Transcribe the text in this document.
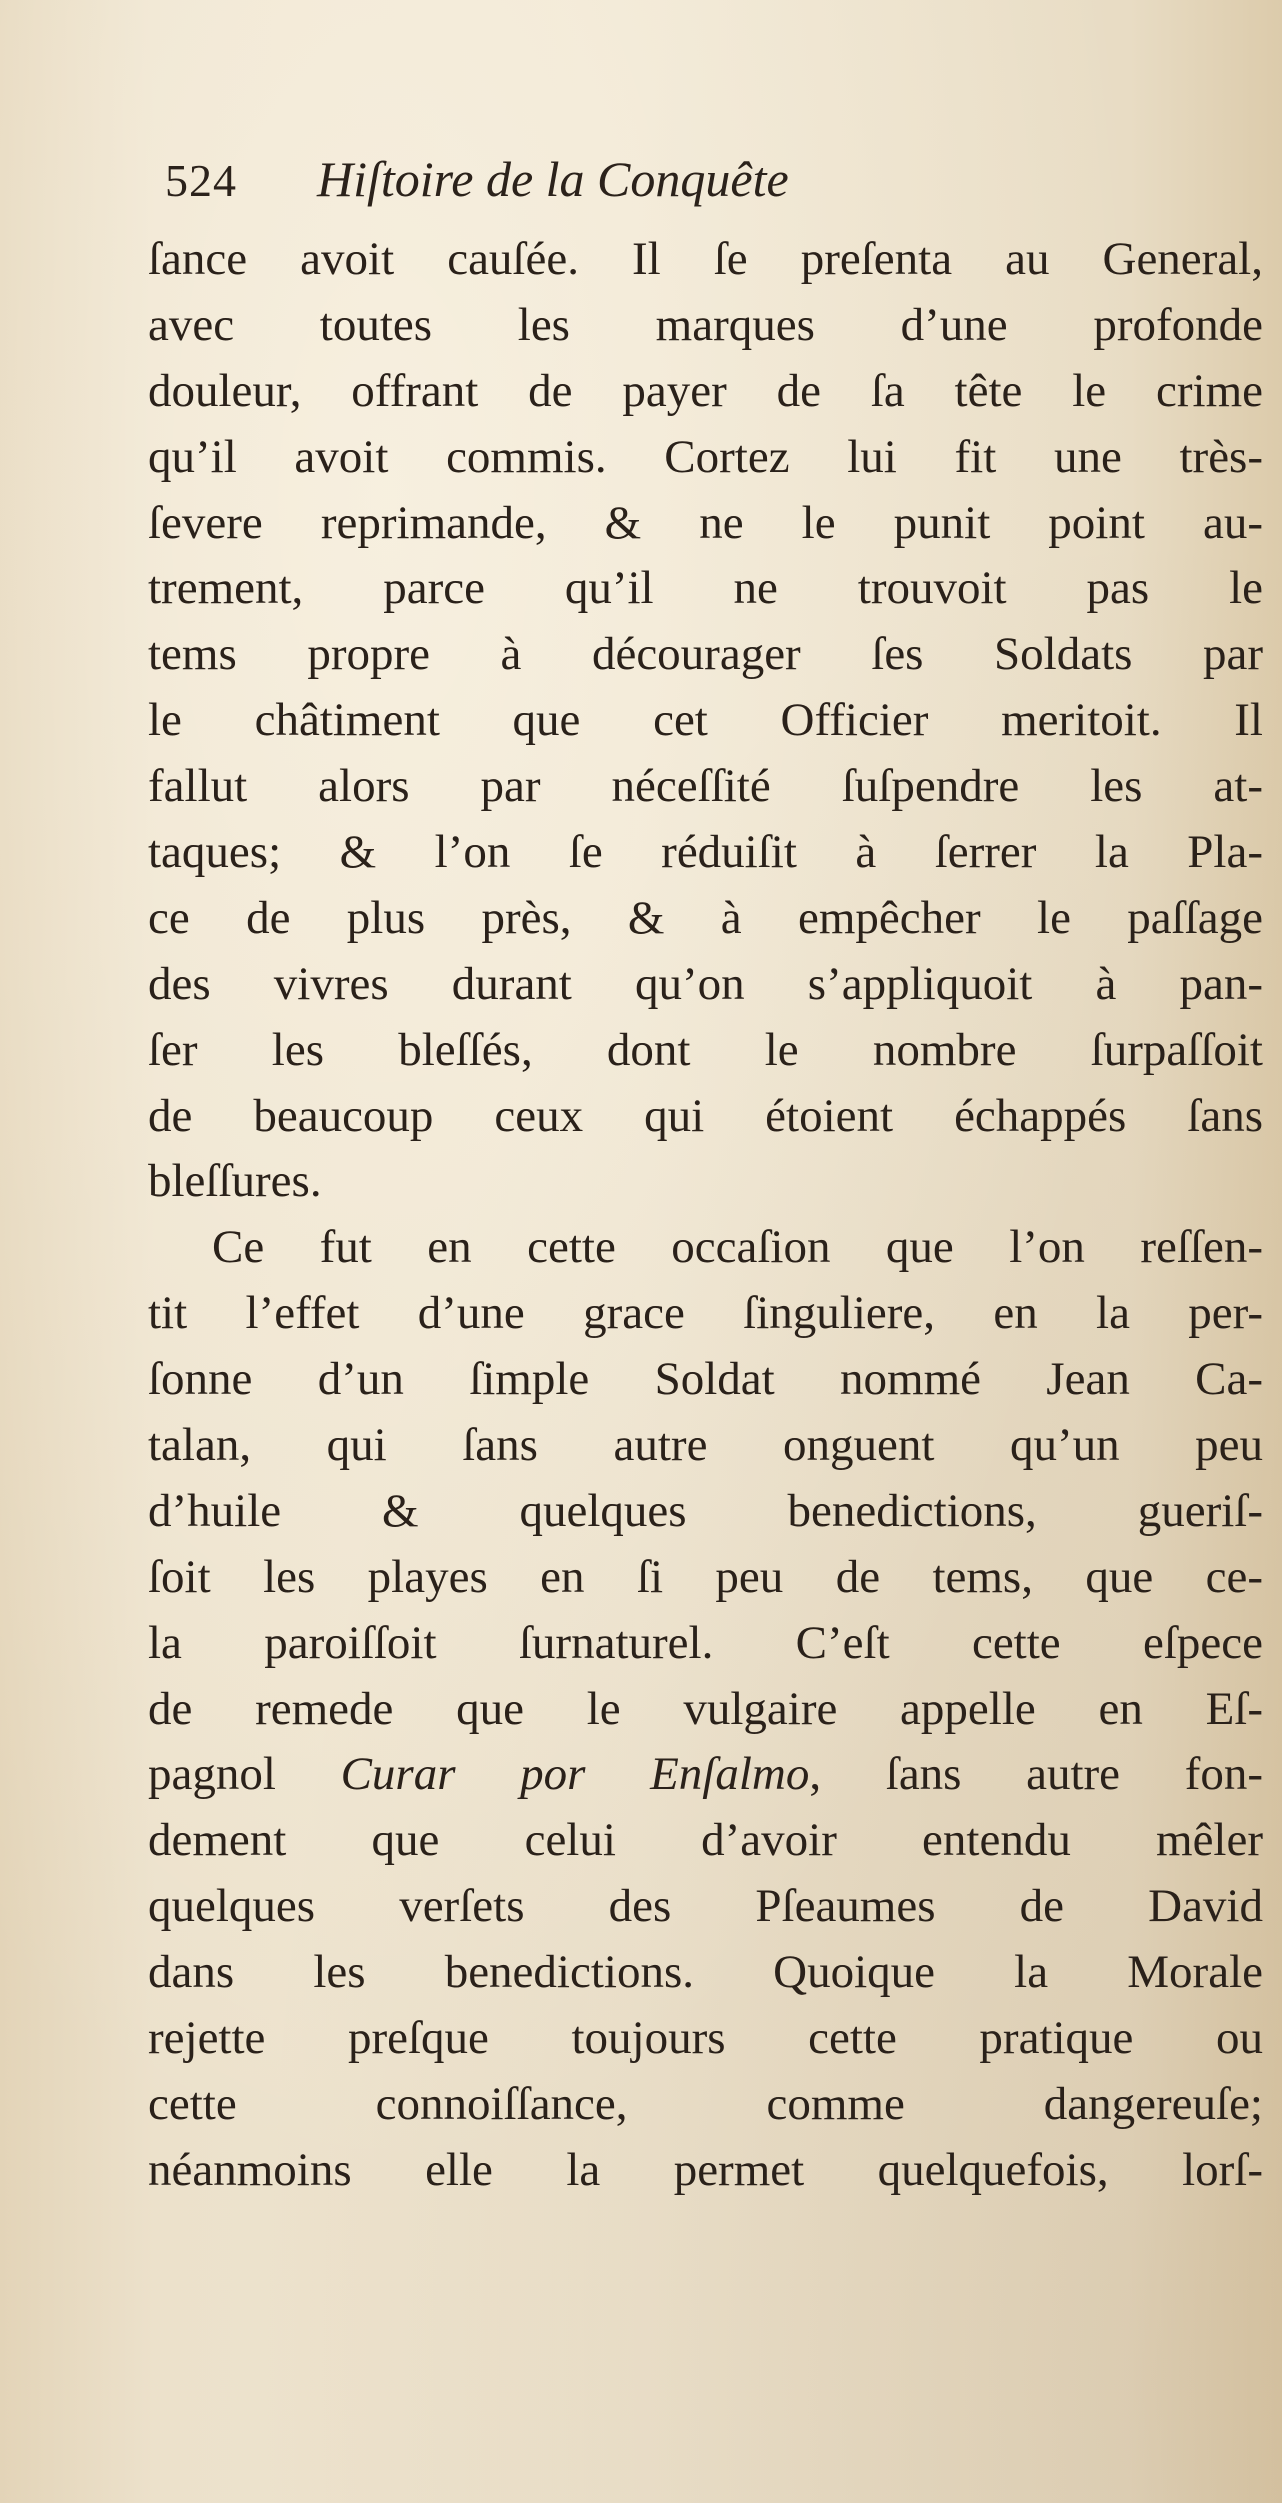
524 Hiſtoire de la Conquête
ſance avoit cauſée. Il ſe preſenta au General,
avec toutes les marques d’une profonde
douleur, offrant de payer de ſa tête le crime
qu’il avoit commis. Cortez lui fit une très-
ſevere reprimande, & ne le punit point au-
trement, parce qu’il ne trouvoit pas le
tems propre à décourager ſes Soldats par
le châtiment que cet Officier meritoit. Il
fallut alors par néceſſité ſuſpendre les at-
taques; & l’on ſe réduiſit à ſerrer la Pla-
ce de plus près, & à empêcher le paſſage
des vivres durant qu’on s’appliquoit à pan-
ſer les bleſſés, dont le nombre ſurpaſſoit
de beaucoup ceux qui étoient échappés ſans
bleſſures.
Ce fut en cette occaſion que l’on reſſen-
tit l’effet d’une grace ſinguliere, en la per-
ſonne d’un ſimple Soldat nommé Jean Ca-
talan, qui ſans autre onguent qu’un peu
d’huile & quelques benedictions, gueriſ-
ſoit les playes en ſi peu de tems, que ce-
la paroiſſoit ſurnaturel. C’eſt cette eſpece
de remede que le vulgaire appelle en Eſ-
pagnol Curar por Enſalmo, ſans autre fon-
dement que celui d’avoir entendu mêler
quelques verſets des Pſeaumes de David
dans les benedictions. Quoique la Morale
rejette preſque toujours cette pratique ou
cette connoiſſance, comme dangereuſe;
néanmoins elle la permet quelquefois, lorſ-
